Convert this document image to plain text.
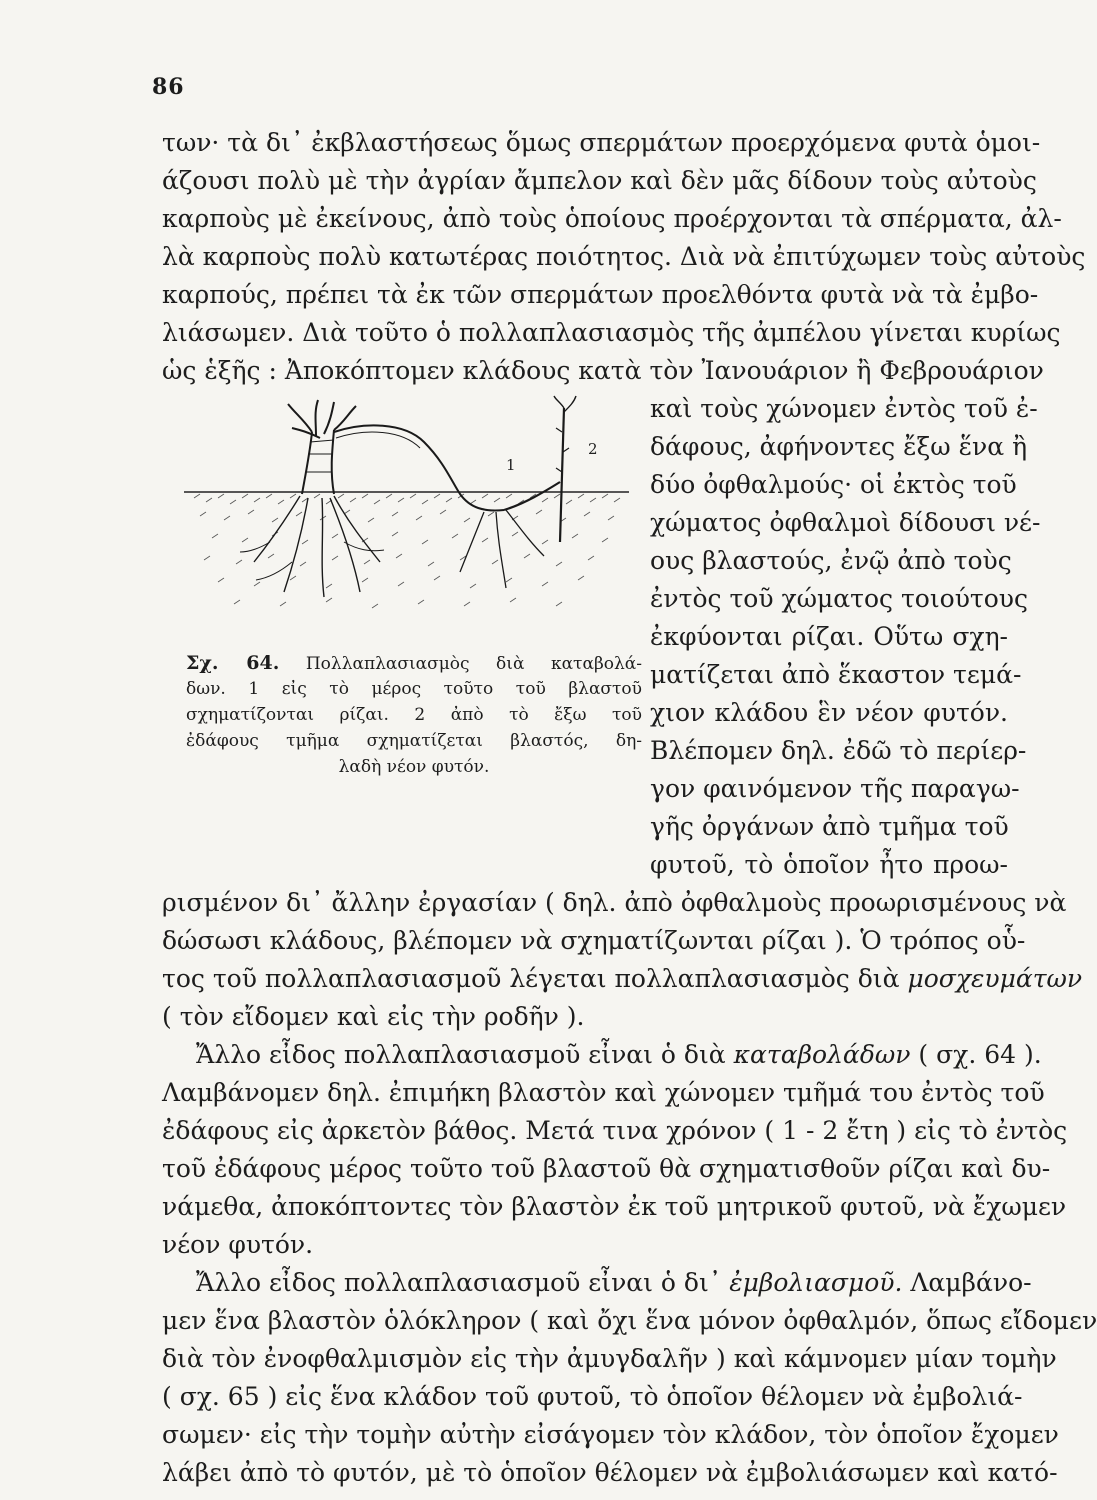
86
των· τὰ δι᾽ ἐκβλαστήσεως ὅμως σπερμάτων προερχόμενα φυτὰ ὁμοι-
άζουσι πολὺ μὲ τὴν ἀγρίαν ἄμπελον καὶ δὲν μᾶς δίδουν τοὺς αὐτοὺς
καρποὺς μὲ ἐκείνους, ἀπὸ τοὺς ὁποίους προέρχονται τὰ σπέρματα, ἀλ-
λὰ καρποὺς πολὺ κατωτέρας ποιότητος. Διὰ νὰ ἐπιτύχωμεν τοὺς αὐτοὺς
καρπούς, πρέπει τὰ ἐκ τῶν σπερμάτων προελθόντα φυτὰ νὰ τὰ ἐμβο-
λιάσωμεν. Διὰ τοῦτο ὁ πολλαπλασιασμὸς τῆς ἀμπέλου γίνεται κυρίως
ὡς ἑξῆς : Ἀποκόπτομεν κλάδους κατὰ τὸν Ἰανουάριον ἢ Φεβρουάριον
καὶ τοὺς χώνομεν ἐντὸς τοῦ ἐ-
δάφους, ἀφήνοντες ἔξω ἕνα ἢ
δύο ὀφθαλμούς· οἱ ἐκτὸς τοῦ
χώματος ὀφθαλμοὶ δίδουσι νέ-
ους βλαστούς, ἐνῷ ἀπὸ τοὺς
ἐντὸς τοῦ χώματος τοιούτους
ἐκφύονται ρίζαι. Οὕτω σχη-
ματίζεται ἀπὸ ἕκαστον τεμά-
χιον κλάδου ἓν νέον φυτόν.
Βλέπομεν δηλ. ἐδῶ τὸ περίερ-
γον φαινόμενον τῆς παραγω-
γῆς ὀργάνων ἀπὸ τμῆμα τοῦ
φυτοῦ, τὸ ὁποῖον ἦτο προω-
1
2
Σχ. 64. Πολλαπλασιασμὸς διὰ καταβολά-
δων. 1 εἰς τὸ μέρος τοῦτο τοῦ βλαστοῦ
σχηματίζονται ρίζαι. 2 ἀπὸ τὸ ἔξω τοῦ
ἐδάφους τμῆμα σχηματίζεται βλαστός, δη-
λαδὴ νέον φυτόν.
ρισμένον δι᾽ ἄλλην ἐργασίαν ( δηλ. ἀπὸ ὀφθαλμοὺς προωρισμένους νὰ
δώσωσι κλάδους, βλέπομεν νὰ σχηματίζωνται ρίζαι ). Ὁ τρόπος οὗ-
τος τοῦ πολλαπλασιασμοῦ λέγεται πολλαπλασιασμὸς διὰ μοσχευμάτων
( τὸν εἴδομεν καὶ εἰς τὴν ροδῆν ).
Ἄλλο εἶδος πολλαπλασιασμοῦ εἶναι ὁ διὰ καταβολάδων ( σχ. 64 ).
Λαμβάνομεν δηλ. ἐπιμήκη βλαστὸν καὶ χώνομεν τμῆμά του ἐντὸς τοῦ
ἐδάφους εἰς ἀρκετὸν βάθος. Μετά τινα χρόνον ( 1 - 2 ἔτη ) εἰς τὸ ἐντὸς
τοῦ ἐδάφους μέρος τοῦτο τοῦ βλαστοῦ θὰ σχηματισθοῦν ρίζαι καὶ δυ-
νάμεθα, ἀποκόπτοντες τὸν βλαστὸν ἐκ τοῦ μητρικοῦ φυτοῦ, νὰ ἔχωμεν
νέον φυτόν.
Ἄλλο εἶδος πολλαπλασιασμοῦ εἶναι ὁ δι᾽ ἐμβολιασμοῦ. Λαμβάνο-
μεν ἕνα βλαστὸν ὁλόκληρον ( καὶ ὄχι ἕνα μόνον ὀφθαλμόν, ὅπως εἴδομεν
διὰ τὸν ἐνοφθαλμισμὸν εἰς τὴν ἀμυγδαλῆν ) καὶ κάμνομεν μίαν τομὴν
( σχ. 65 ) εἰς ἕνα κλάδον τοῦ φυτοῦ, τὸ ὁποῖον θέλομεν νὰ ἐμβολιά-
σωμεν· εἰς τὴν τομὴν αὐτὴν εἰσάγομεν τὸν κλάδον, τὸν ὁποῖον ἔχομεν
λάβει ἀπὸ τὸ φυτόν, μὲ τὸ ὁποῖον θέλομεν νὰ ἐμβολιάσωμεν καὶ κατό-
